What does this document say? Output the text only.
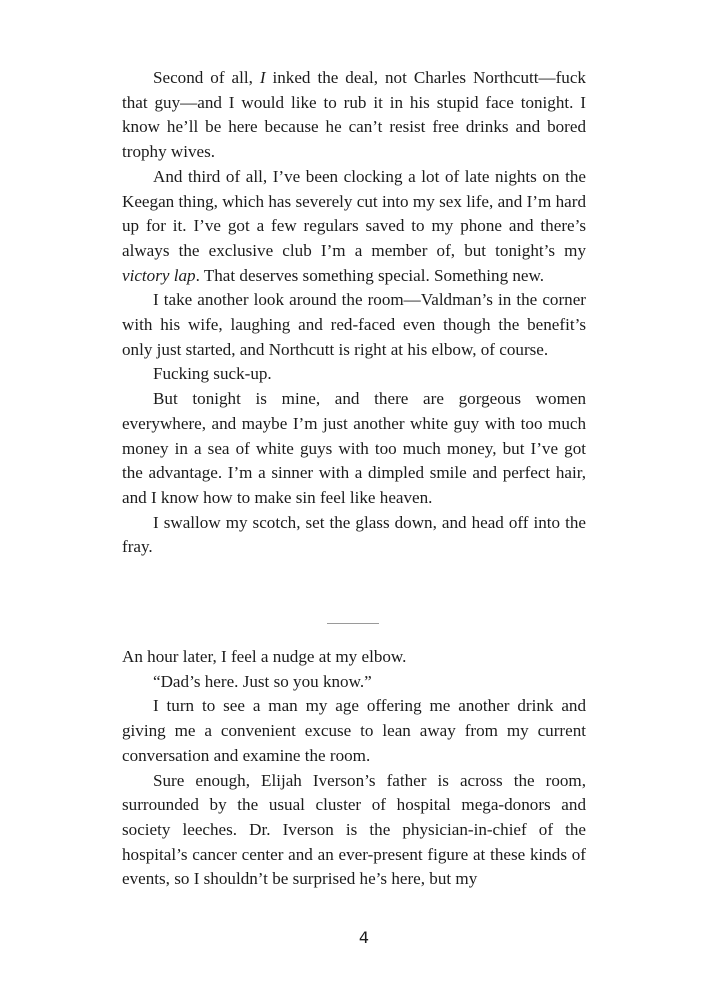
Second of all, I inked the deal, not Charles Northcutt—fuck that guy—and I would like to rub it in his stupid face tonight. I know he’ll be here because he can’t resist free drinks and bored trophy wives.

And third of all, I’ve been clocking a lot of late nights on the Keegan thing, which has severely cut into my sex life, and I’m hard up for it. I’ve got a few regulars saved to my phone and there’s always the exclusive club I’m a member of, but tonight’s my victory lap. That deserves something special. Something new.

I take another look around the room—Valdman’s in the corner with his wife, laughing and red-faced even though the benefit’s only just started, and Northcutt is right at his elbow, of course.

Fucking suck-up.

But tonight is mine, and there are gorgeous women everywhere, and maybe I’m just another white guy with too much money in a sea of white guys with too much money, but I’ve got the advantage. I’m a sinner with a dimpled smile and perfect hair, and I know how to make sin feel like heaven.

I swallow my scotch, set the glass down, and head off into the fray.

An hour later, I feel a nudge at my elbow.

“Dad’s here. Just so you know.”

I turn to see a man my age offering me another drink and giving me a convenient excuse to lean away from my current conversation and examine the room.

Sure enough, Elijah Iverson’s father is across the room, surrounded by the usual cluster of hospital mega-donors and society leeches. Dr. Iverson is the physician-in-chief of the hospital’s cancer center and an ever-present figure at these kinds of events, so I shouldn’t be surprised he’s here, but my

4
